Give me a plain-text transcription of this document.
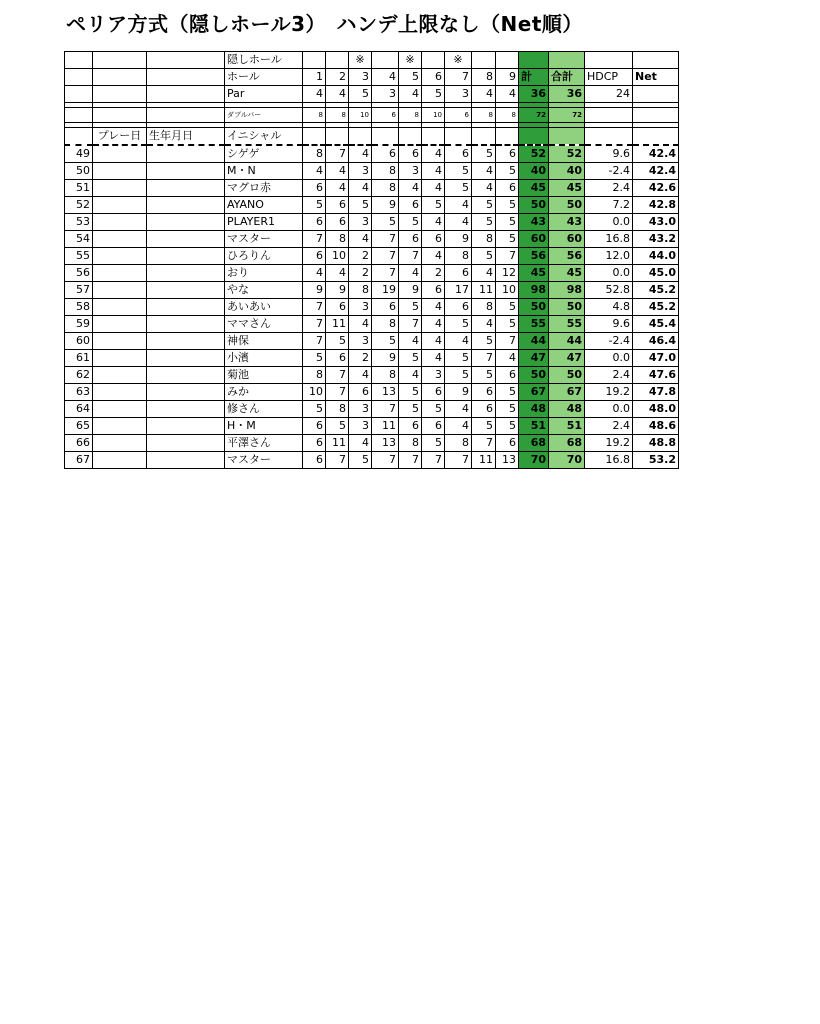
ペリア方式（隠しホール3）　ハンデ上限なし（Net順）
			隠しホール			※		※		※						
			ホール	1	2	3	4	5	6	7	8	9	計	合計	HDCP	Net
			Par	4	4	5	3	4	5	3	4	4	36	36	24	

			ダブルバー	8	8	10	6	8	10	6	8	8	72	72		

	プレー日	生年月日	イニシャル													
49			シゲゲ	8	7	4	6	6	4	6	5	6	52	52	9.6	42.4
50			M・N	4	4	3	8	3	4	5	4	5	40	40	-2.4	42.4
51			マグロ赤	6	4	4	8	4	4	5	4	6	45	45	2.4	42.6
52			AYANO	5	6	5	9	6	5	4	5	5	50	50	7.2	42.8
53			PLAYER1	6	6	3	5	5	4	4	5	5	43	43	0.0	43.0
54			マスター	7	8	4	7	6	6	9	8	5	60	60	16.8	43.2
55			ひろりん	6	10	2	7	7	4	8	5	7	56	56	12.0	44.0
56			おり	4	4	2	7	4	2	6	4	12	45	45	0.0	45.0
57			やな	9	9	8	19	9	6	17	11	10	98	98	52.8	45.2
58			あいあい	7	6	3	6	5	4	6	8	5	50	50	4.8	45.2
59			ママさん	7	11	4	8	7	4	5	4	5	55	55	9.6	45.4
60			神保	7	5	3	5	4	4	4	5	7	44	44	-2.4	46.4
61			小濱	5	6	2	9	5	4	5	7	4	47	47	0.0	47.0
62			菊池	8	7	4	8	4	3	5	5	6	50	50	2.4	47.6
63			みか	10	7	6	13	5	6	9	6	5	67	67	19.2	47.8
64			修さん	5	8	3	7	5	5	4	6	5	48	48	0.0	48.0
65			H・M	6	5	3	11	6	6	4	5	5	51	51	2.4	48.6
66			平澤さん	6	11	4	13	8	5	8	7	6	68	68	19.2	48.8
67			マスター	6	7	5	7	7	7	7	11	13	70	70	16.8	53.2
